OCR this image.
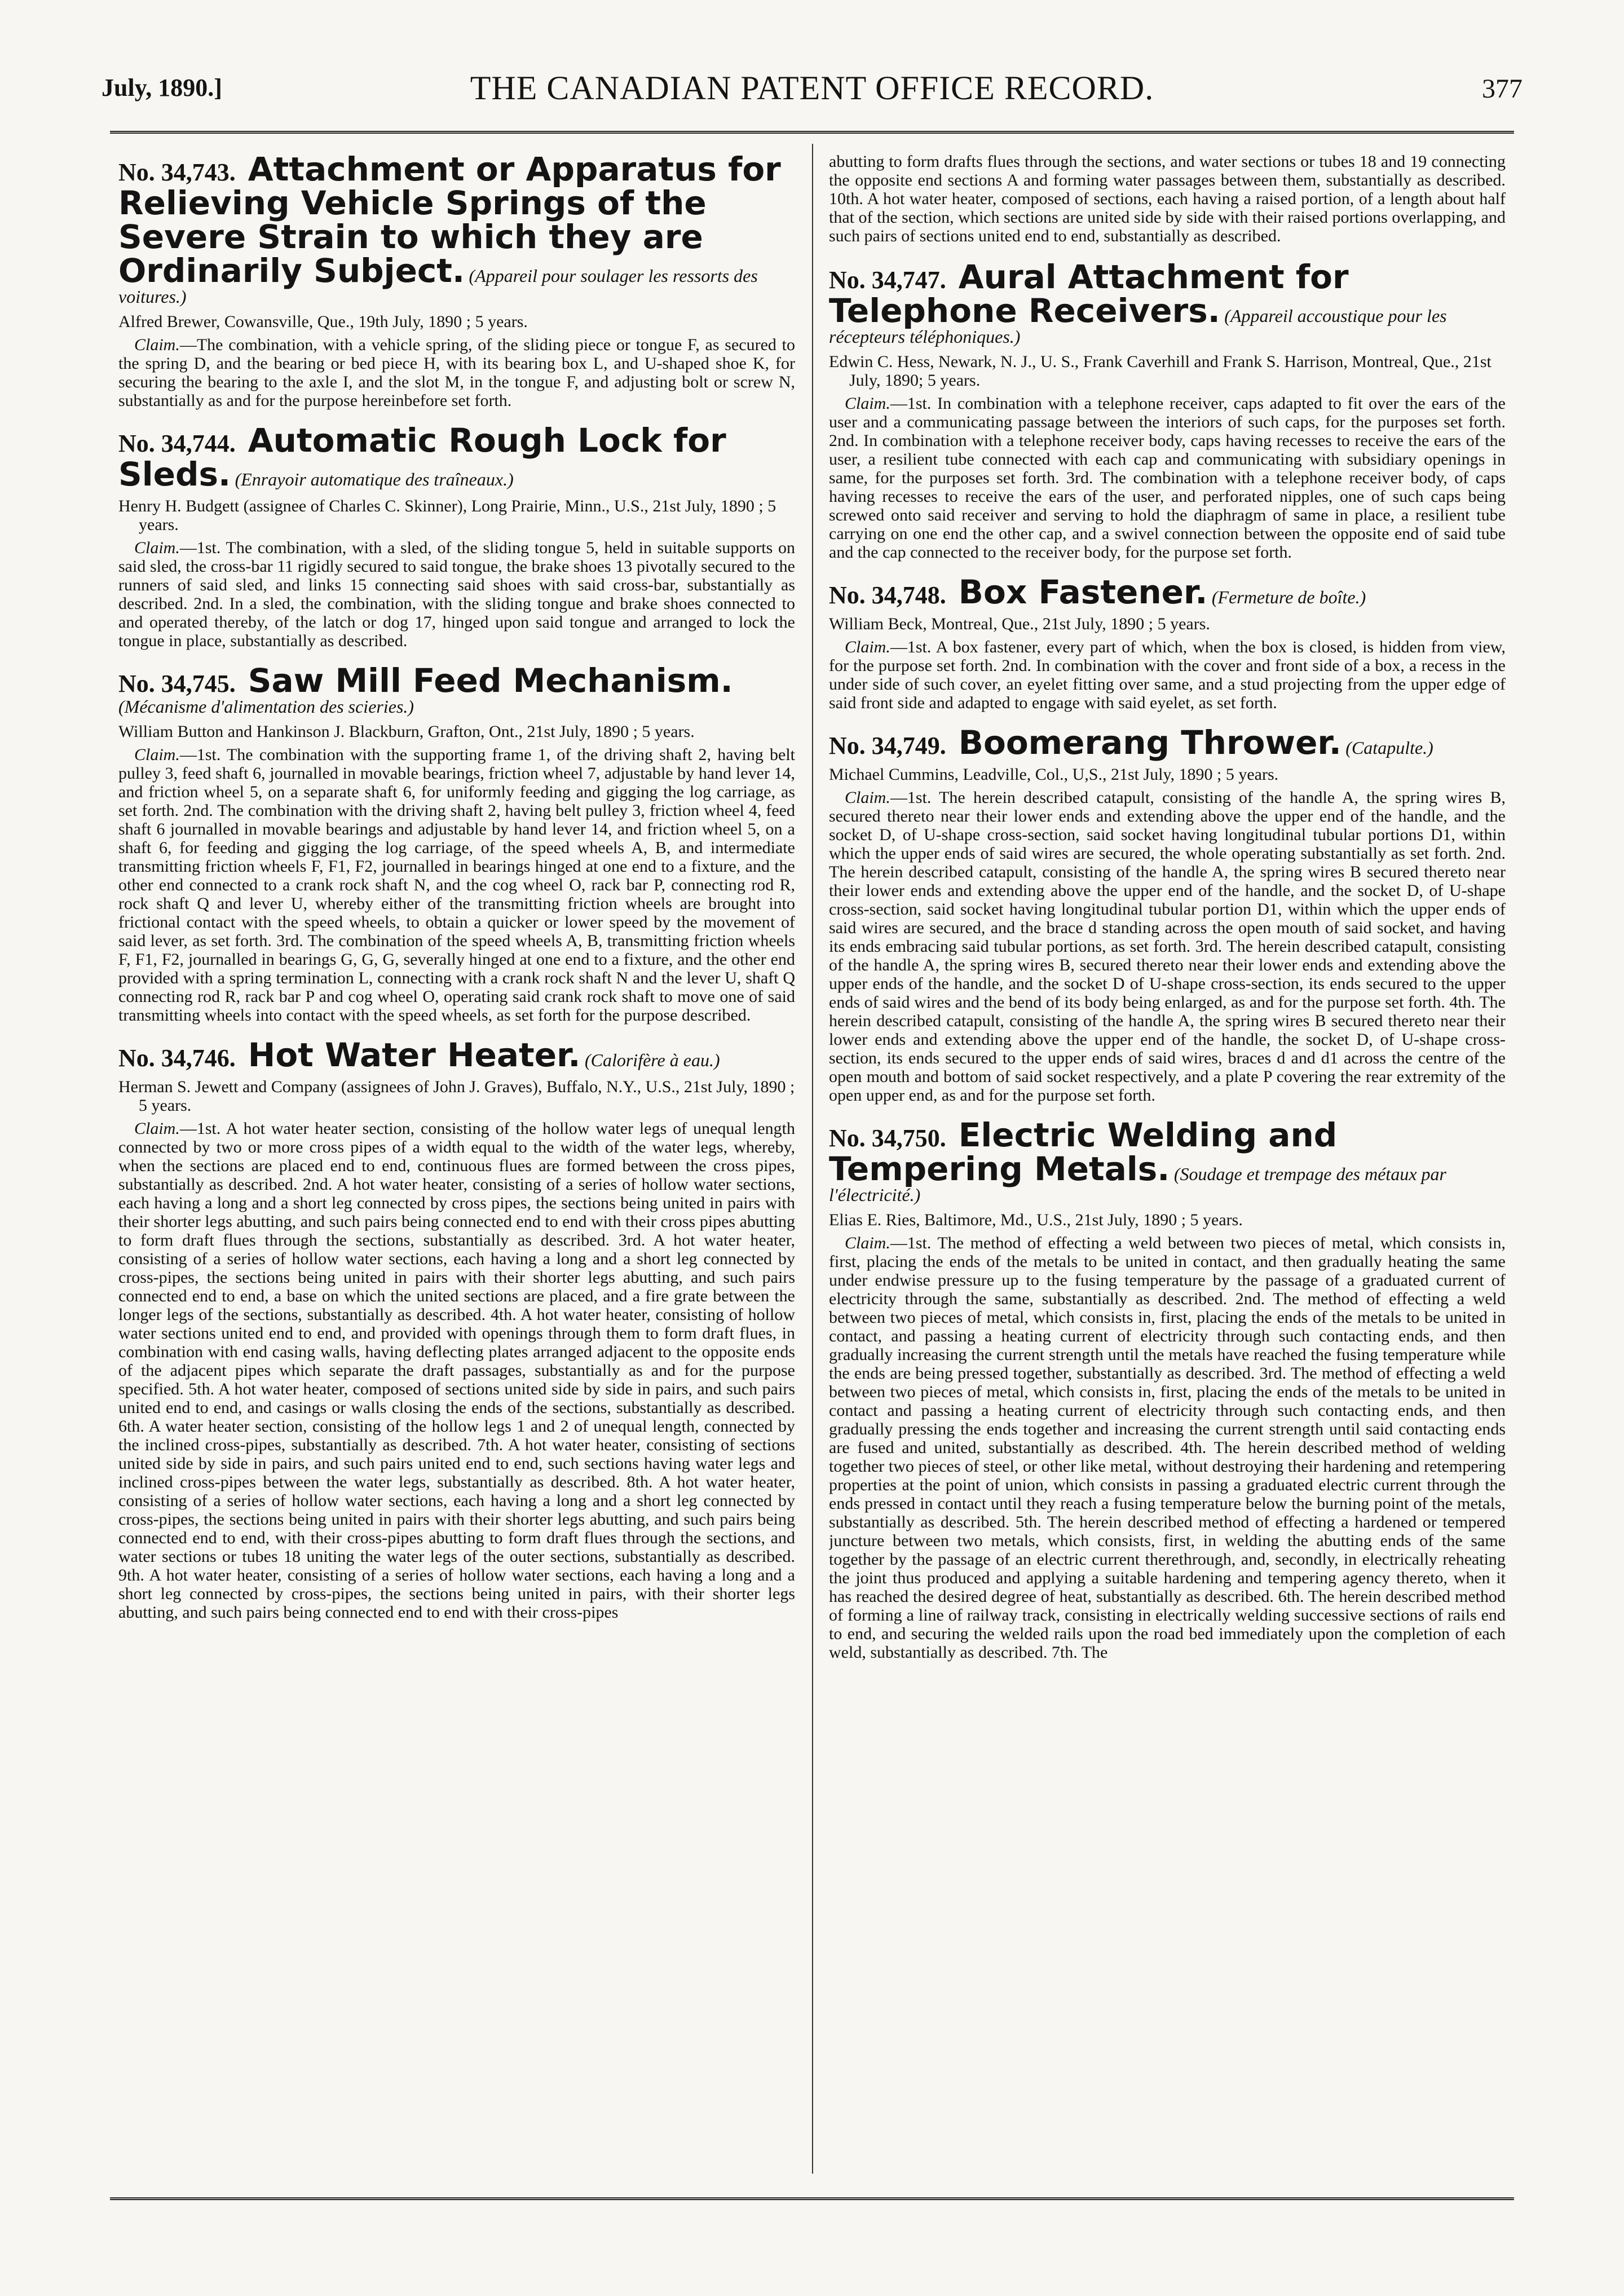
July, 1890.]	THE CANADIAN PATENT OFFICE RECORD.	377
No. 34,743. Attachment or Apparatus for Relieving Vehicle Springs of the Severe Strain to which they are Ordinarily Subject. (Appareil pour soulager les ressorts des voitures.)
Alfred Brewer, Cowansville, Que., 19th July, 1890 ; 5 years.

Claim.—The combination, with a vehicle spring, of the sliding piece or tongue F, as secured to the spring D, and the bearing or bed piece H, with its bearing box L, and U-shaped shoe K, for securing the bearing to the axle I, and the slot M, in the tongue F, and adjusting bolt or screw N, substantially as and for the purpose hereinbefore set forth.

No. 34,744. Automatic Rough Lock for Sleds. (Enrayoir automatique des traîneaux.)
Henry H. Budgett (assignee of Charles C. Skinner), Long Prairie, Minn., U.S., 21st July, 1890 ; 5 years.

Claim.—1st. The combination, with a sled, of the sliding tongue 5, held in suitable supports on said sled, the cross-bar 11 rigidly secured to said tongue, the brake shoes 13 pivotally secured to the runners of said sled, and links 15 connecting said shoes with said cross-bar, substantially as described. 2nd. In a sled, the combination, with the sliding tongue and brake shoes connected to and operated thereby, of the latch or dog 17, hinged upon said tongue and arranged to lock the tongue in place, substantially as described.

No. 34,745. Saw Mill Feed Mechanism. (Mécanisme d'alimentation des scieries.)
William Button and Hankinson J. Blackburn, Grafton, Ont., 21st July, 1890 ; 5 years.

Claim.—1st. The combination with the supporting frame 1, of the driving shaft 2, having belt pulley 3, feed shaft 6, journalled in movable bearings, friction wheel 7, adjustable by hand lever 14, and friction wheel 5, on a separate shaft 6, for uniformly feeding and gigging the log carriage, as set forth. 2nd. The combination with the driving shaft 2, having belt pulley 3, friction wheel 4, feed shaft 6 journalled in movable bearings and adjustable by hand lever 14, and friction wheel 5, on a shaft 6, for feeding and gigging the log carriage, of the speed wheels A, B, and intermediate transmitting friction wheels F, F1, F2, journalled in bearings hinged at one end to a fixture, and the other end connected to a crank rock shaft N, and the cog wheel O, rack bar P, connecting rod R, rock shaft Q and lever U, whereby either of the transmitting friction wheels are brought into frictional contact with the speed wheels, to obtain a quicker or lower speed by the movement of said lever, as set forth. 3rd. The combination of the speed wheels A, B, transmitting friction wheels F, F1, F2, journalled in bearings G, G, G, severally hinged at one end to a fixture, and the other end provided with a spring termination L, connecting with a crank rock shaft N and the lever U, shaft Q connecting rod R, rack bar P and cog wheel O, operating said crank rock shaft to move one of said transmitting wheels into contact with the speed wheels, as set forth for the purpose described.

No. 34,746. Hot Water Heater. (Calorifère à eau.)
Herman S. Jewett and Company (assignees of John J. Graves), Buffalo, N.Y., U.S., 21st July, 1890 ; 5 years.

Claim.—1st. A hot water heater section, consisting of the hollow water legs of unequal length connected by two or more cross pipes of a width equal to the width of the water legs, whereby, when the sections are placed end to end, continuous flues are formed between the cross pipes, substantially as described. 2nd. A hot water heater, consisting of a series of hollow water sections, each having a long and a short leg connected by cross pipes, the sections being united in pairs with their shorter legs abutting, and such pairs being connected end to end with their cross pipes abutting to form draft flues through the sections, substantially as described. 3rd. A hot water heater, consisting of a series of hollow water sections, each having a long and a short leg connected by cross-pipes, the sections being united in pairs with their shorter legs abutting, and such pairs connected end to end, a base on which the united sections are placed, and a fire grate between the longer legs of the sections, substantially as described. 4th. A hot water heater, consisting of hollow water sections united end to end, and provided with openings through them to form draft flues, in combination with end casing walls, having deflecting plates arranged adjacent to the opposite ends of the adjacent pipes which separate the draft passages, substantially as and for the purpose specified. 5th. A hot water heater, composed of sections united side by side in pairs, and such pairs united end to end, and casings or walls closing the ends of the sections, substantially as described. 6th. A water heater section, consisting of the hollow legs 1 and 2 of unequal length, connected by the inclined cross-pipes, substantially as described. 7th. A hot water heater, consisting of sections united side by side in pairs, and such pairs united end to end, such sections having water legs and inclined cross-pipes between the water legs, substantially as described. 8th. A hot water heater, consisting of a series of hollow water sections, each having a long and a short leg connected by cross-pipes, the sections being united in pairs with their shorter legs abutting, and such pairs being connected end to end, with their cross-pipes abutting to form draft flues through the sections, and water sections or tubes 18 uniting the water legs of the outer sections, substantially as described. 9th. A hot water heater, consisting of a series of hollow water sections, each having a long and a short leg connected by cross-pipes, the sections being united in pairs, with their shorter legs abutting, and such pairs being connected end to end with their cross-pipes

abutting to form drafts flues through the sections, and water sections or tubes 18 and 19 connecting the opposite end sections A and forming water passages between them, substantially as described. 10th. A hot water heater, composed of sections, each having a raised portion, of a length about half that of the section, which sections are united side by side with their raised portions overlapping, and such pairs of sections united end to end, substantially as described.

No. 34,747. Aural Attachment for Telephone Receivers. (Appareil accoustique pour les récepteurs téléphoniques.)
Edwin C. Hess, Newark, N. J., U. S., Frank Caverhill and Frank S. Harrison, Montreal, Que., 21st July, 1890; 5 years.

Claim.—1st. In combination with a telephone receiver, caps adapted to fit over the ears of the user and a communicating passage between the interiors of such caps, for the purposes set forth. 2nd. In combination with a telephone receiver body, caps having recesses to receive the ears of the user, a resilient tube connected with each cap and communicating with subsidiary openings in same, for the purposes set forth. 3rd. The combination with a telephone receiver body, of caps having recesses to receive the ears of the user, and perforated nipples, one of such caps being screwed onto said receiver and serving to hold the diaphragm of same in place, a resilient tube carrying on one end the other cap, and a swivel connection between the opposite end of said tube and the cap connected to the receiver body, for the purpose set forth.

No. 34,748. Box Fastener. (Fermeture de boîte.)
William Beck, Montreal, Que., 21st July, 1890 ; 5 years.

Claim.—1st. A box fastener, every part of which, when the box is closed, is hidden from view, for the purpose set forth. 2nd. In combination with the cover and front side of a box, a recess in the under side of such cover, an eyelet fitting over same, and a stud projecting from the upper edge of said front side and adapted to engage with said eyelet, as set forth.

No. 34,749. Boomerang Thrower. (Catapulte.)
Michael Cummins, Leadville, Col., U,S., 21st July, 1890 ; 5 years.

Claim.—1st. The herein described catapult, consisting of the handle A, the spring wires B, secured thereto near their lower ends and extending above the upper end of the handle, and the socket D, of U-shape cross-section, said socket having longitudinal tubular portions D1, within which the upper ends of said wires are secured, the whole operating substantially as set forth. 2nd. The herein described catapult, consisting of the handle A, the spring wires B secured thereto near their lower ends and extending above the upper end of the handle, and the socket D, of U-shape cross-section, said socket having longitudinal tubular portion D1, within which the upper ends of said wires are secured, and the brace d standing across the open mouth of said socket, and having its ends embracing said tubular portions, as set forth. 3rd. The herein described catapult, consisting of the handle A, the spring wires B, secured thereto near their lower ends and extending above the upper ends of the handle, and the socket D of U-shape cross-section, its ends secured to the upper ends of said wires and the bend of its body being enlarged, as and for the purpose set forth. 4th. The herein described catapult, consisting of the handle A, the spring wires B secured thereto near their lower ends and extending above the upper end of the handle, the socket D, of U-shape cross-section, its ends secured to the upper ends of said wires, braces d and d1 across the centre of the open mouth and bottom of said socket respectively, and a plate P covering the rear extremity of the open upper end, as and for the purpose set forth.

No. 34,750. Electric Welding and Tempering Metals. (Soudage et trempage des métaux par l'électricité.)
Elias E. Ries, Baltimore, Md., U.S., 21st July, 1890 ; 5 years.

Claim.—1st. The method of effecting a weld between two pieces of metal, which consists in, first, placing the ends of the metals to be united in contact, and then gradually heating the same under endwise pressure up to the fusing temperature by the passage of a graduated current of electricity through the same, substantially as described. 2nd. The method of effecting a weld between two pieces of metal, which consists in, first, placing the ends of the metals to be united in contact, and passing a heating current of electricity through such contacting ends, and then gradually increasing the current strength until the metals have reached the fusing temperature while the ends are being pressed together, substantially as described. 3rd. The method of effecting a weld between two pieces of metal, which consists in, first, placing the ends of the metals to be united in contact and passing a heating current of electricity through such contacting ends, and then gradually pressing the ends together and increasing the current strength until said contacting ends are fused and united, substantially as described. 4th. The herein described method of welding together two pieces of steel, or other like metal, without destroying their hardening and retempering properties at the point of union, which consists in passing a graduated electric current through the ends pressed in contact until they reach a fusing temperature below the burning point of the metals, substantially as described. 5th. The herein described method of effecting a hardened or tempered juncture between two metals, which consists, first, in welding the abutting ends of the same together by the passage of an electric current therethrough, and, secondly, in electrically reheating the joint thus produced and applying a suitable hardening and tempering agency thereto, when it has reached the desired degree of heat, substantially as described. 6th. The herein described method of forming a line of railway track, consisting in electrically welding successive sections of rails end to end, and securing the welded rails upon the road bed immediately upon the completion of each weld, substantially as described. 7th. The
